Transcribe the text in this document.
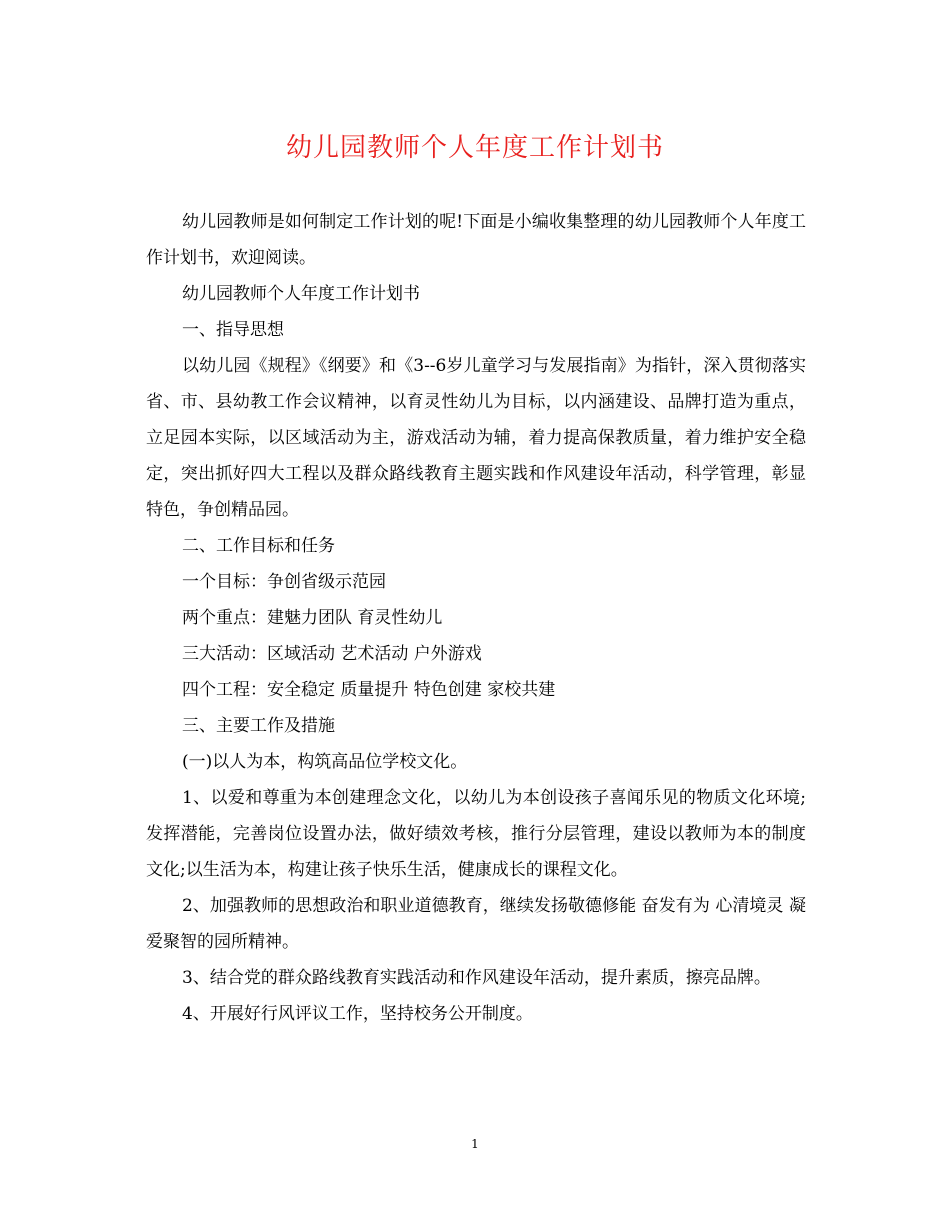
幼儿园教师个人年度工作计划书

幼儿园教师是如何制定工作计划的呢!下面是小编收集整理的幼儿园教师个人年度工作计划书，欢迎阅读。

幼儿园教师个人年度工作计划书

一、指导思想

以幼儿园《规程》《纲要》和《3--6岁儿童学习与发展指南》为指针，深入贯彻落实省、市、县幼教工作会议精神，以育灵性幼儿为目标，以内涵建设、品牌打造为重点，立足园本实际，以区域活动为主，游戏活动为辅，着力提高保教质量，着力维护安全稳定，突出抓好四大工程以及群众路线教育主题实践和作风建设年活动，科学管理，彰显特色，争创精品园。

二、工作目标和任务

一个目标：争创省级示范园

两个重点：建魅力团队 育灵性幼儿

三大活动：区域活动 艺术活动 户外游戏

四个工程：安全稳定 质量提升 特色创建 家校共建

三、主要工作及措施

(一)以人为本，构筑高品位学校文化。

1、以爱和尊重为本创建理念文化，以幼儿为本创设孩子喜闻乐见的物质文化环境;发挥潜能，完善岗位设置办法，做好绩效考核，推行分层管理，建设以教师为本的制度文化;以生活为本，构建让孩子快乐生活，健康成长的课程文化。

2、加强教师的思想政治和职业道德教育，继续发扬敬德修能 奋发有为 心清境灵 凝爱聚智的园所精神。

3、结合党的群众路线教育实践活动和作风建设年活动，提升素质，擦亮品牌。

4、开展好行风评议工作，坚持校务公开制度。

1
